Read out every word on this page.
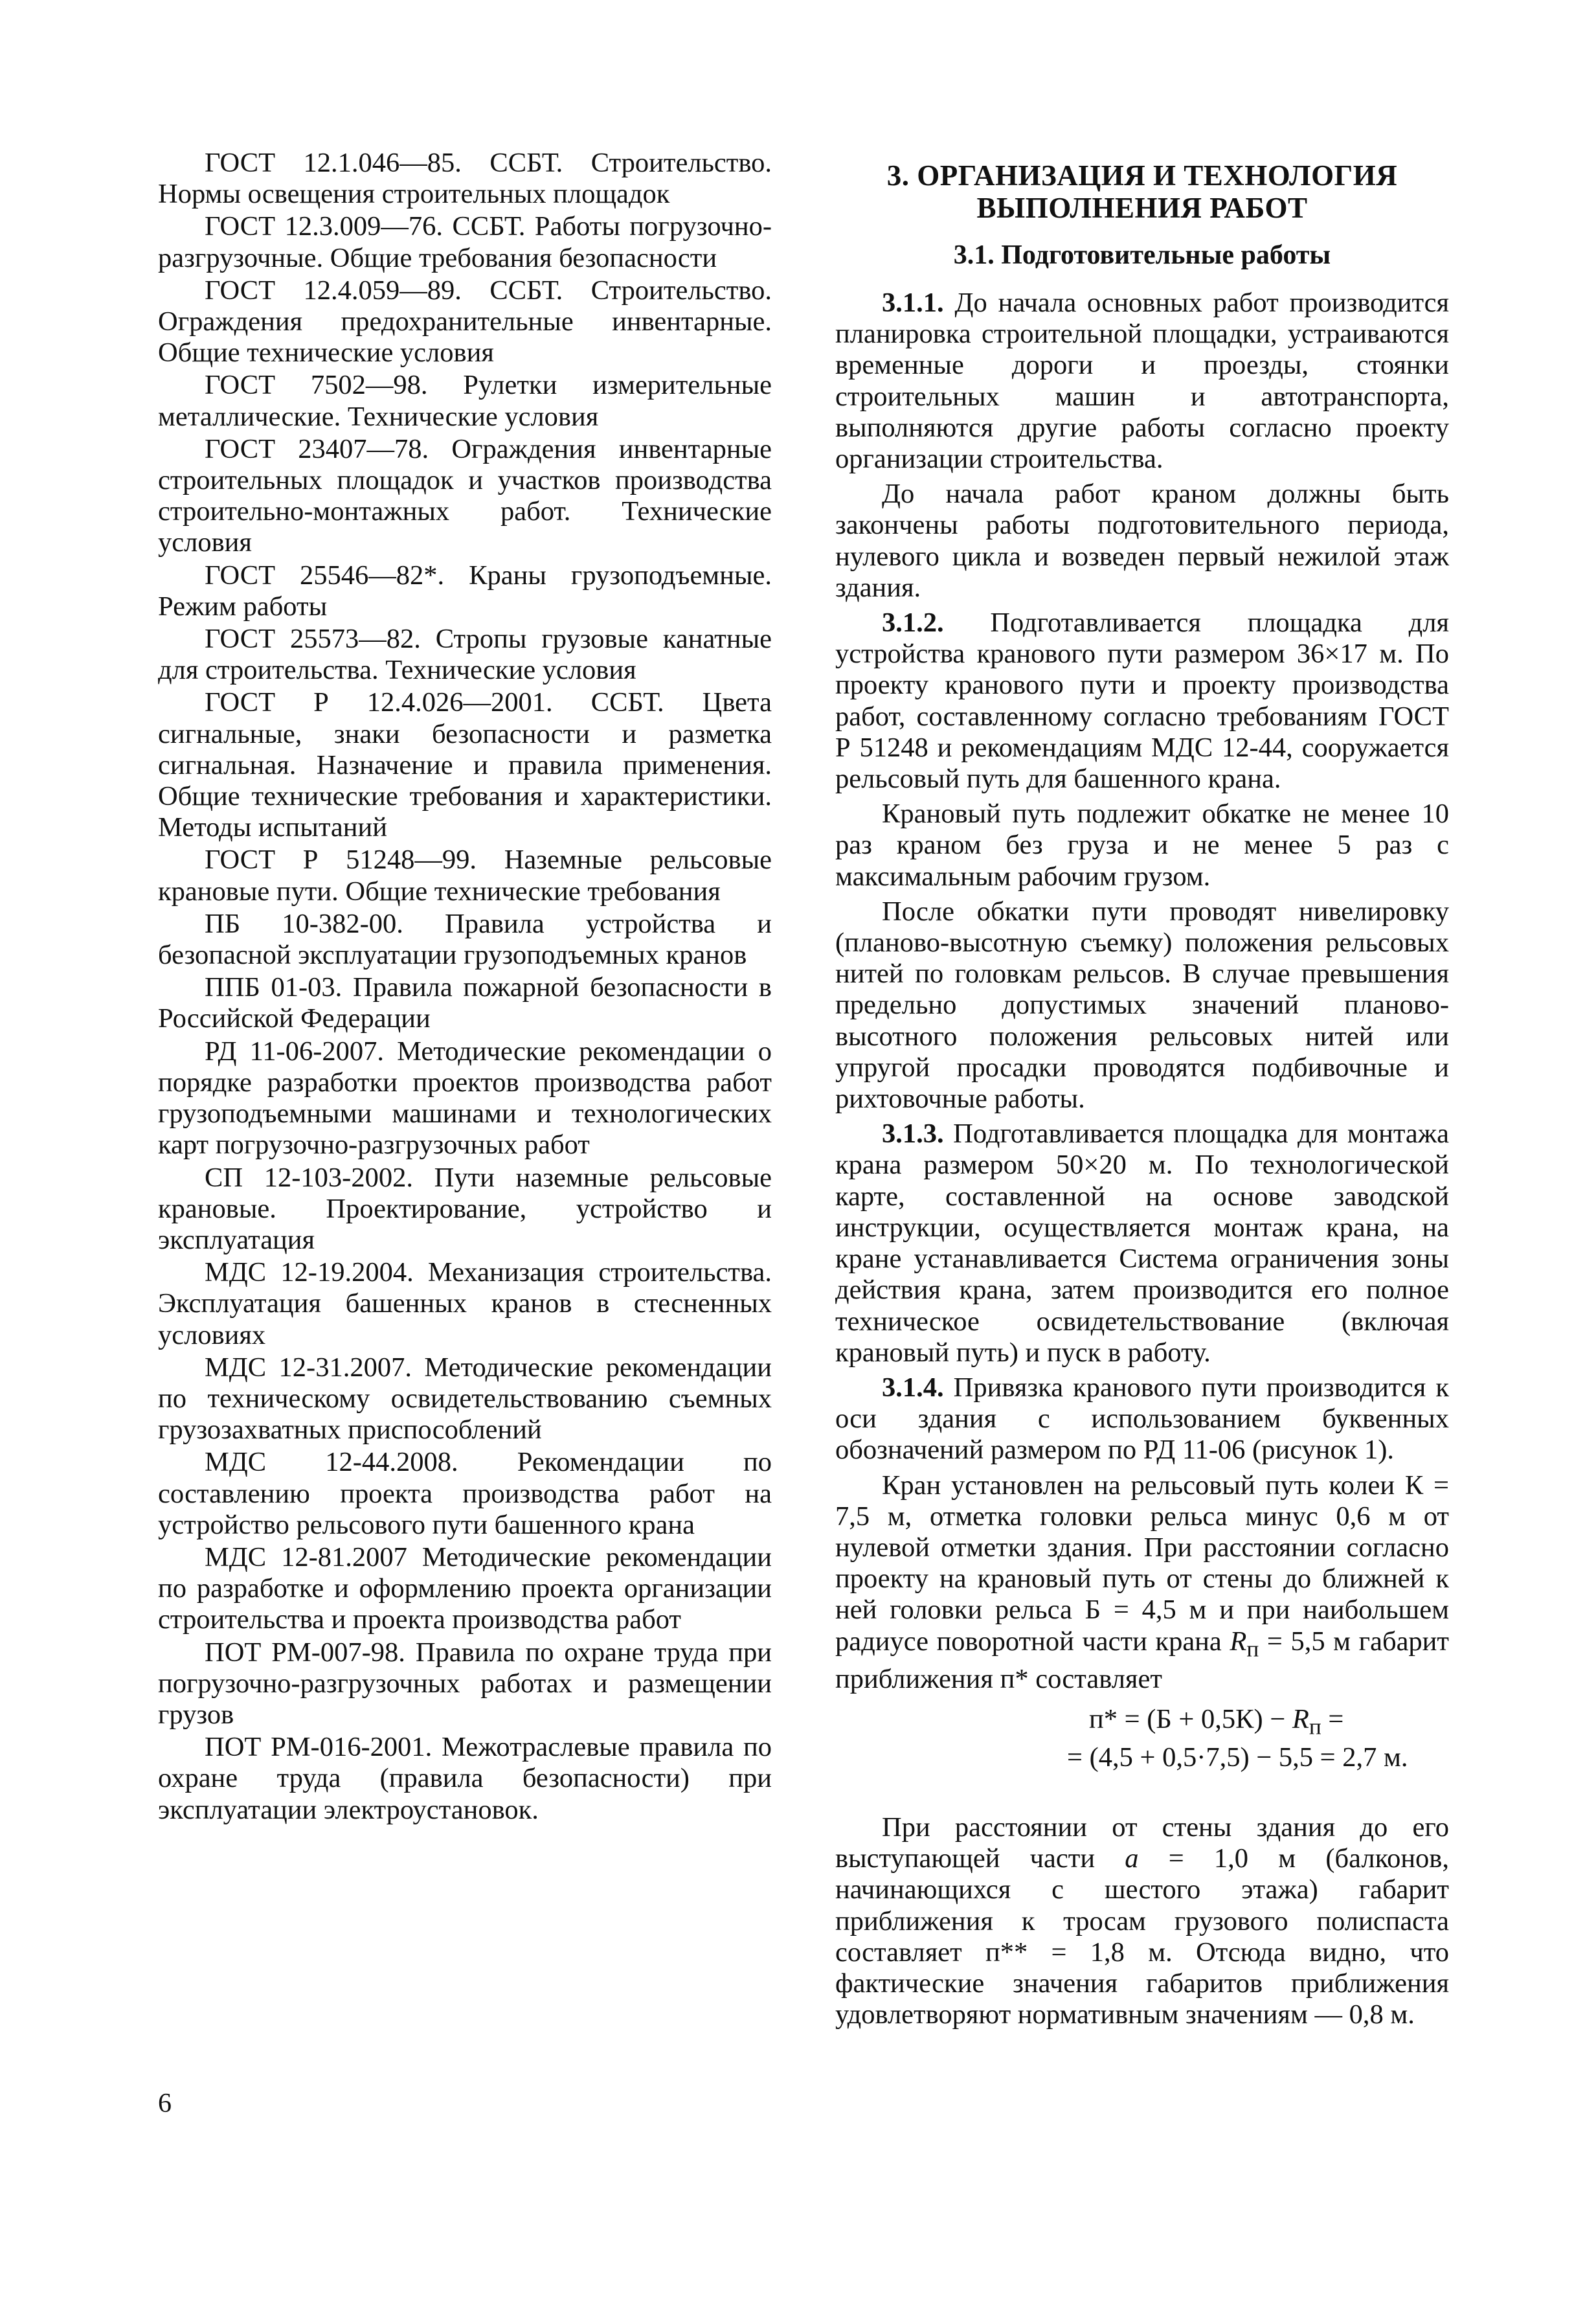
ГОСТ 12.1.046—85. ССБТ. Строительство. Нормы освещения строительных площадок

ГОСТ 12.3.009—76. ССБТ. Работы погрузочно-разгрузочные. Общие требования безопасности

ГОСТ 12.4.059—89. ССБТ. Строительство. Ограждения предохранительные инвентарные. Общие технические условия

ГОСТ 7502—98. Рулетки измерительные металлические. Технические условия

ГОСТ 23407—78. Ограждения инвентарные строительных площадок и участков производства строительно-монтажных работ. Технические условия

ГОСТ 25546—82*. Краны грузоподъемные. Режим работы

ГОСТ 25573—82. Стропы грузовые канатные для строительства. Технические условия

ГОСТ Р 12.4.026—2001. ССБТ. Цвета сигнальные, знаки безопасности и разметка сигнальная. Назначение и правила применения. Общие технические требования и характеристики. Методы испытаний

ГОСТ Р 51248—99. Наземные рельсовые крановые пути. Общие технические требования

ПБ 10-382-00. Правила устройства и безопасной эксплуатации грузоподъемных кранов

ППБ 01-03. Правила пожарной безопасности в Российской Федерации

РД 11-06-2007. Методические рекомендации о порядке разработки проектов производства работ грузоподъемными машинами и технологических карт погрузочно-разгрузочных работ

СП 12-103-2002. Пути наземные рельсовые крановые. Проектирование, устройство и эксплуатация

МДС 12-19.2004. Механизация строительства. Эксплуатация башенных кранов в стесненных условиях

МДС 12-31.2007. Методические рекомендации по техническому освидетельствованию съемных грузозахватных приспособлений

МДС 12-44.2008. Рекомендации по составлению проекта производства работ на устройство рельсового пути башенного крана

МДС 12-81.2007 Методические рекомендации по разработке и оформлению проекта организации строительства и проекта производства работ

ПОТ РМ-007-98. Правила по охране труда при погрузочно-разгрузочных работах и размещении грузов

ПОТ РМ-016-2001. Межотраслевые правила по охране труда (правила безопасности) при эксплуатации электроустановок.

3. ОРГАНИЗАЦИЯ И ТЕХНОЛОГИЯ
ВЫПОЛНЕНИЯ РАБОТ
3.1. Подготовительные работы

3.1.1. До начала основных работ производится планировка строительной площадки, устраиваются временные дороги и проезды, стоянки строительных машин и автотранспорта, выполняются другие работы согласно проекту организации строительства.

До начала работ краном должны быть закончены работы подготовительного периода, нулевого цикла и возведен первый нежилой этаж здания.

3.1.2. Подготавливается площадка для устройства кранового пути размером 36×17 м. По проекту кранового пути и проекту производства работ, составленному согласно требованиям ГОСТ Р 51248 и рекомендациям МДС 12-44, сооружается рельсовый путь для башенного крана.

Крановый путь подлежит обкатке не менее 10 раз краном без груза и не менее 5 раз с максимальным рабочим грузом.

После обкатки пути проводят нивелировку (планово-высотную съемку) положения рельсовых нитей по головкам рельсов. В случае превышения предельно допустимых значений планово-высотного положения рельсовых нитей или упругой просадки проводятся подбивочные и рихтовочные работы.

3.1.3. Подготавливается площадка для монтажа крана размером 50×20 м. По технологической карте, составленной на основе заводской инструкции, осуществляется монтаж крана, на кране устанавливается Система ограничения зоны действия крана, затем производится его полное техническое освидетельствование (включая крановый путь) и пуск в работу.

3.1.4. Привязка кранового пути производится к оси здания с использованием буквенных обозначений размером по РД 11-06 (рисунок 1).

Кран установлен на рельсовый путь колеи К = 7,5 м, отметка головки рельса минус 0,6 м от нулевой отметки здания. При расстоянии согласно проекту на крановый путь от стены до ближней к ней головки рельса Б = 4,5 м и при наибольшем радиусе поворотной части крана $R_п = 5,5$ м габарит приближения п* составляет

$п* = (Б + 0,5К) - R_п$ =
= (4,5 + 0,5·7,5) − 5,5 = 2,7 м.

При расстоянии от стены здания до его выступающей части a = 1,0 м (балконов, начинающихся с шестого этажа) габарит приближения к тросам грузового полиспаста составляет п** = 1,8 м. Отсюда видно, что фактические значения габаритов приближения удовлетворяют нормативным значениям — 0,8 м.

6
